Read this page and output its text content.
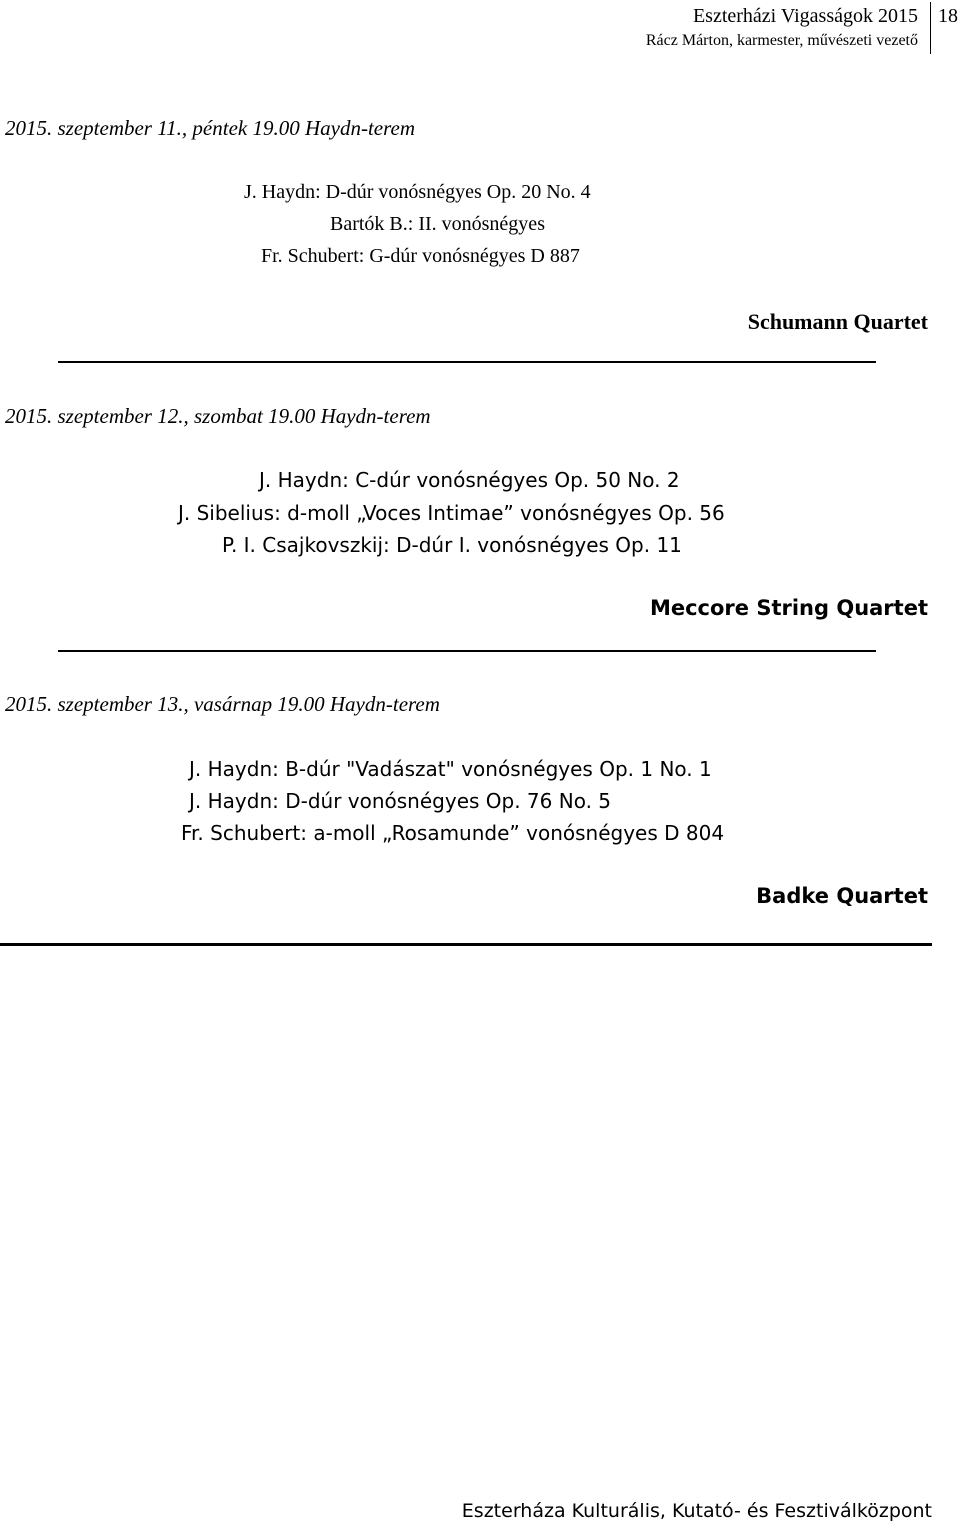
Eszterházi Vigasságok 2015
Rácz Márton, karmester, művészeti vezető
18
2015. szeptember 11., péntek 19.00 Haydn-terem
J. Haydn: D-dúr vonósnégyes Op. 20 No. 4
Bartók B.: II. vonósnégyes
Fr. Schubert: G-dúr vonósnégyes D 887
Schumann Quartet
2015. szeptember 12., szombat 19.00 Haydn-terem
J. Haydn: C-dúr vonósnégyes Op. 50 No. 2
J. Sibelius: d-moll „Voces Intimae” vonósnégyes Op. 56
P. I. Csajkovszkij: D-dúr I. vonósnégyes Op. 11
Meccore String Quartet
2015. szeptember 13., vasárnap 19.00 Haydn-terem
J. Haydn: B-dúr "Vadászat" vonósnégyes Op. 1 No. 1
J. Haydn: D-dúr vonósnégyes Op. 76 No. 5
Fr. Schubert: a-moll „Rosamunde” vonósnégyes D 804
Badke Quartet
Eszterháza Kulturális, Kutató- és Fesztiválközpont
